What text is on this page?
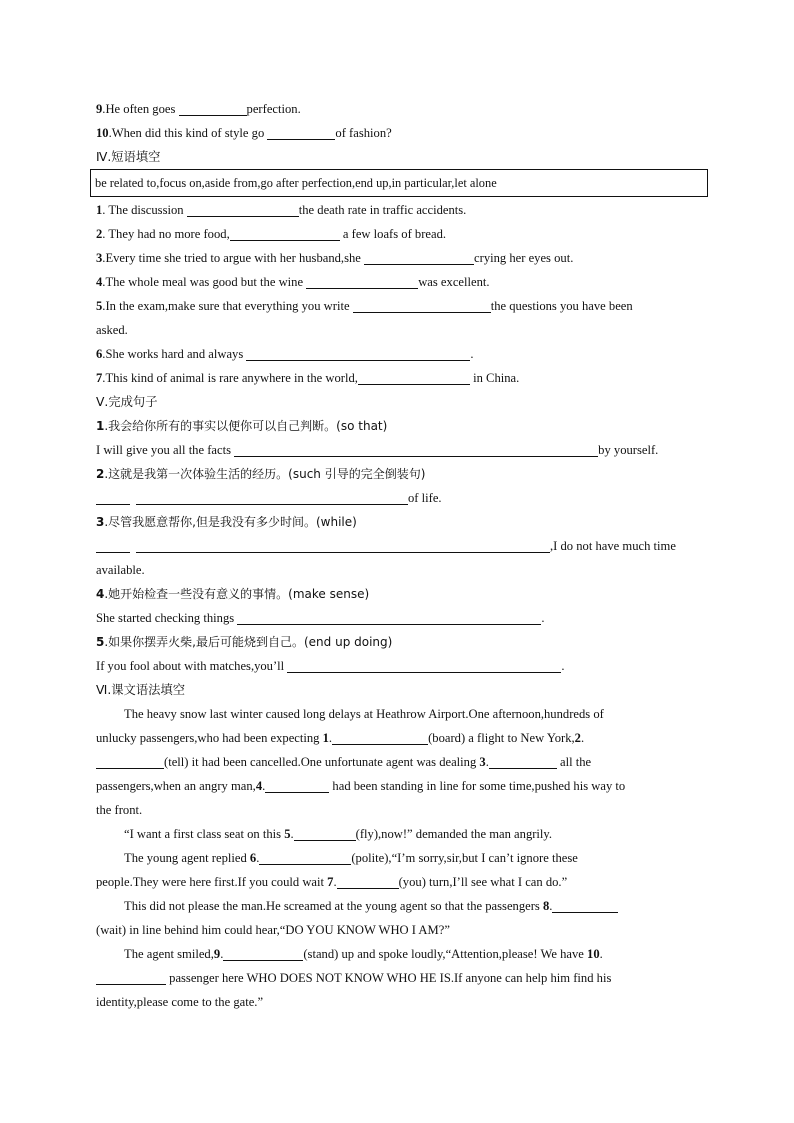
9.He often goes	perfection.
10.When did this kind of style go	of fashion?
Ⅳ.短语填空
be related to,focus on,aside from,go after perfection,end up,in particular,let alone
1. The discussion	the death rate in traffic accidents.
2. They had no more food,	a few loafs of bread.
3.Every time she tried to argue with her husband,she	crying her eyes out.
4.The whole meal was good but the wine	was excellent.
5.In the exam,make sure that everything you write	the questions you have been
asked.
6.She works hard and always	.
7.This kind of animal is rare anywhere in the world,	in China.
Ⅴ.完成句子
1.我会给你所有的事实以便你可以自己判断。(so that)
I will give you all the facts	by yourself.
2.这就是我第一次体验生活的经历。(such 引导的完全倒装句)
of life.
3.尽管我愿意帮你,但是我没有多少时间。(while)
,I do not have much time
available.
4.她开始检查一些没有意义的事情。(make sense)
She started checking things	.
5.如果你摆弄火柴,最后可能烧到自己。(end up doing)
If you fool about with matches,you’ll	.
Ⅵ.课文语法填空
The heavy snow last winter caused long delays at Heathrow Airport.One afternoon,hundreds of
unlucky passengers,who had been expecting 1.	(board) a flight to New York,2.
(tell) it had been cancelled.One unfortunate agent was dealing 3.	all the
passengers,when an angry man,4.	had been standing in line for some time,pushed his way to
the front.
“I want a first class seat on this 5.	(fly),now!” demanded the man angrily.
The young agent replied 6.	(polite),“I’m sorry,sir,but I can’t ignore these
people.They were here first.If you could wait 7.	(you) turn,I’ll see what I can do.”
This did not please the man.He screamed at the young agent so that the passengers 8.
(wait) in line behind him could hear,“DO YOU KNOW WHO I AM?”
The agent smiled,9.	(stand) up and spoke loudly,“Attention,please! We have 10.
passenger here WHO DOES NOT KNOW WHO HE IS.If anyone can help him find his
identity,please come to the gate.”
